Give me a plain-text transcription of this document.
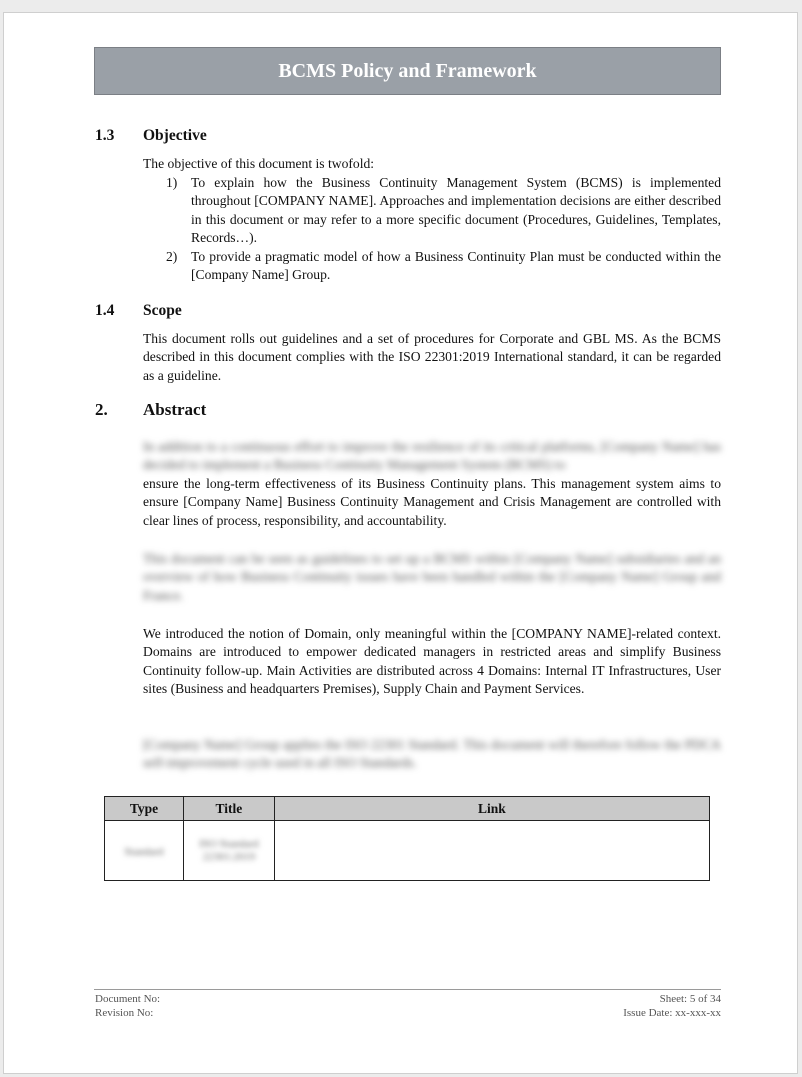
BCMS Policy and Framework
1.3	Objective
The objective of this document is twofold:
1)	To explain how the Business Continuity Management System (BCMS) is implemented throughout [COMPANY NAME]. Approaches and implementation decisions are either described in this document or may refer to a more specific document (Procedures, Guidelines, Templates, Records…).
2)	To provide a pragmatic model of how a Business Continuity Plan must be conducted within the [Company Name] Group.
1.4	Scope
This document rolls out guidelines and a set of procedures for Corporate and GBL MS. As the BCMS described in this document complies with the ISO 22301:2019 International standard, it can be regarded as a guideline.
2.	Abstract
In addition to a continuous effort to improve the resilience of its critical platforms, [Company Name] has decided to implement a Business Continuity Management System (BCMS) to
ensure the long-term effectiveness of its Business Continuity plans. This management system aims to ensure [Company Name] Business Continuity Management and Crisis Management are controlled with clear lines of process, responsibility, and accountability.
This document can be seen as guidelines to set up a BCMS within [Company Name] subsidiaries and an overview of how Business Continuity issues have been handled within the [Company Name] Group and France.
We introduced the notion of Domain, only meaningful within the [COMPANY NAME]-related context. Domains are introduced to empower dedicated managers in restricted areas and simplify Business Continuity follow-up. Main Activities are distributed across 4 Domains: Internal IT Infrastructures, User sites (Business and headquarters Premises), Supply Chain and Payment Services.
[Company Name] Group applies the ISO 22301 Standard. This document will therefore follow the PDCA self-improvement cycle used in all ISO Standards.
Type	Title	Link
Standard	ISO Standard 22301:2019	

Document No:
Revision No:
Sheet: 5 of 34
Issue Date: xx-xxx-xx
